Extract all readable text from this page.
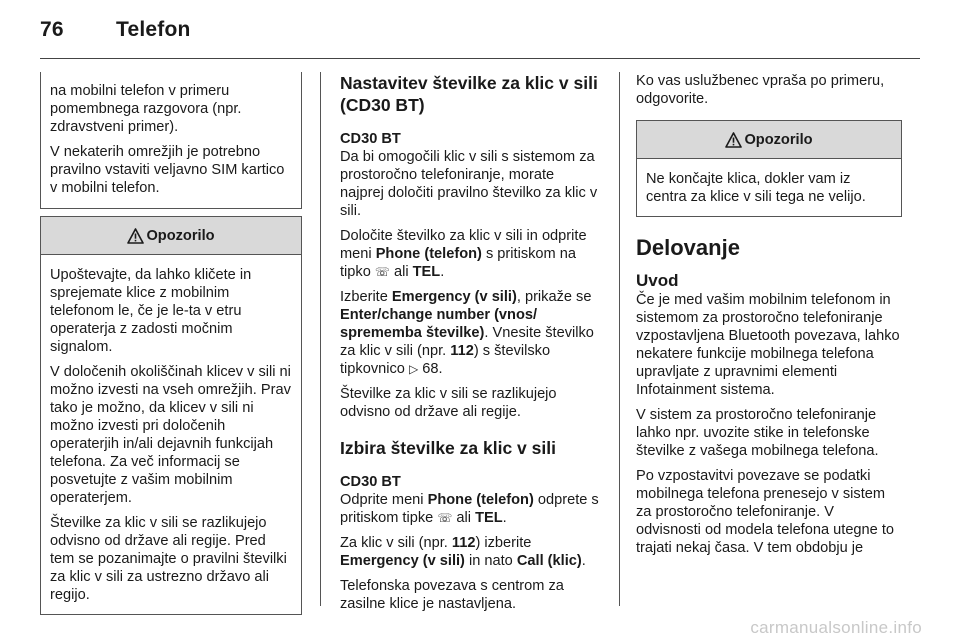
76 Telefon

na mobilni telefon v primeru pomembnega razgovora (npr. zdravstveni primer).

V nekaterih omrežjih je potrebno pravilno vstaviti veljavno SIM kartico v mobilni telefon.

Opozorilo

Upoštevajte, da lahko kličete in sprejemate klice z mobilnim telefonom le, če je le-ta v etru operaterja z zadosti močnim signalom.

V določenih okoliščinah klicev v sili ni možno izvesti na vseh omrežjih. Prav tako je možno, da klicev v sili ni možno izvesti pri določenih operaterjih in/ali dejavnih funkcijah telefona. Za več informacij se posvetujte z vašim mobilnim operaterjem.

Številke za klic v sili se razlikujejo odvisno od države ali regije. Pred tem se pozanimajte o pravilni številki za klic v sili za ustrezno državo ali regijo.

Nastavitev številke za klic v sili (CD30 BT)
CD30 BT

Da bi omogočili klic v sili s sistemom za prostoročno telefoniranje, morate najprej določiti pravilno številko za klic v sili.

Določite številko za klic v sili in odprite meni Phone (telefon) s pritiskom na tipko ☏ ali TEL.

Izberite Emergency (v sili), prikaže se Enter/change number (vnos/ sprememba številke). Vnesite številko za klic v sili (npr. 112) s številsko tipkovnico ▷ 68.

Številke za klic v sili se razlikujejo odvisno od države ali regije.

Izbira številke za klic v sili
CD30 BT

Odprite meni Phone (telefon) odprete s pritiskom tipke ☏ ali TEL.

Za klic v sili (npr. 112) izberite Emergency (v sili) in nato Call (klic).

Telefonska povezava s centrom za zasilne klice je nastavljena.

Ko vas uslužbenec vpraša po primeru, odgovorite.

Opozorilo

Ne končajte klica, dokler vam iz centra za klice v sili tega ne velijo.

Delovanje
Uvod

Če je med vašim mobilnim telefonom in sistemom za prostoročno telefoniranje vzpostavljena Bluetooth povezava, lahko nekatere funkcije mobilnega telefona upravljate z upravnimi elementi Infotainment sistema.

V sistem za prostoročno telefoniranje lahko npr. uvozite stike in telefonske številke z vašega mobilnega telefona.

Po vzpostavitvi povezave se podatki mobilnega telefona prenesejo v sistem za prostoročno telefoniranje. V odvisnosti od modela telefona utegne to trajati nekaj časa. V tem obdobju je

carmanualsonline.info
